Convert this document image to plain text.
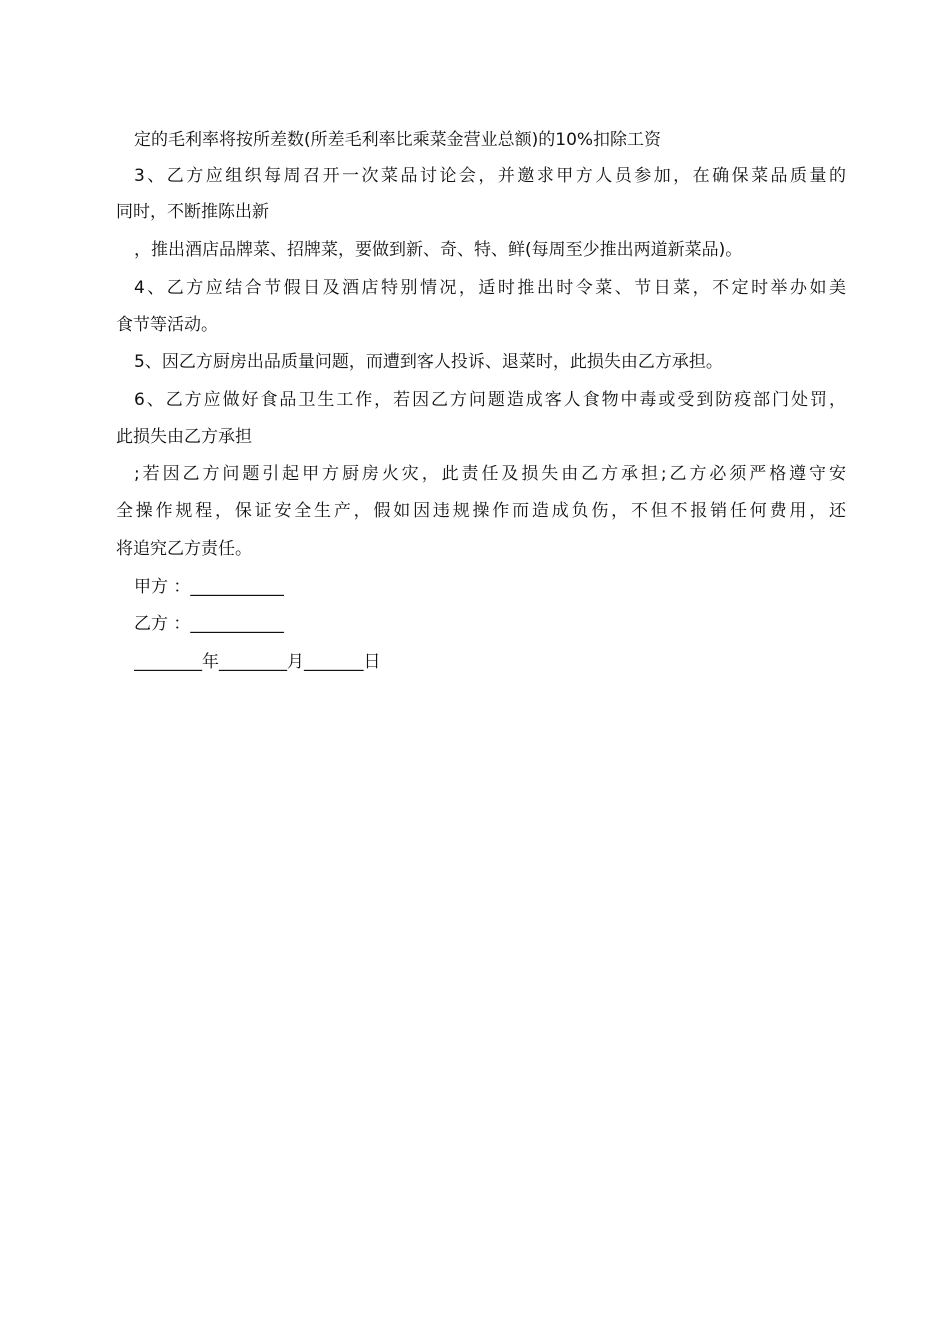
定的毛利率将按所差数(所差毛利率比乘菜金营业总额)的10%扣除工资
3、乙方应组织每周召开一次菜品讨论会，并邀求甲方人员参加，在确保菜品质量的
同时，不断推陈出新
，推出酒店品牌菜、招牌菜，要做到新、奇、特、鲜(每周至少推出两道新菜品)。
4、乙方应结合节假日及酒店特别情况，适时推出时令菜、节日菜，不定时举办如美
食节等活动。
5、因乙方厨房出品质量问题，而遭到客人投诉、退菜时，此损失由乙方承担。
6、乙方应做好食品卫生工作，若因乙方问题造成客人食物中毒或受到防疫部门处罚，
此损失由乙方承担
;若因乙方问题引起甲方厨房火灾，此责任及损失由乙方承担;乙方必须严格遵守安
全操作规程，保证安全生产，假如因违规操作而造成负伤，不但不报销任何费用，还
将追究乙方责任。
甲方 ：___________
乙方 ：___________
________年________月_______日
